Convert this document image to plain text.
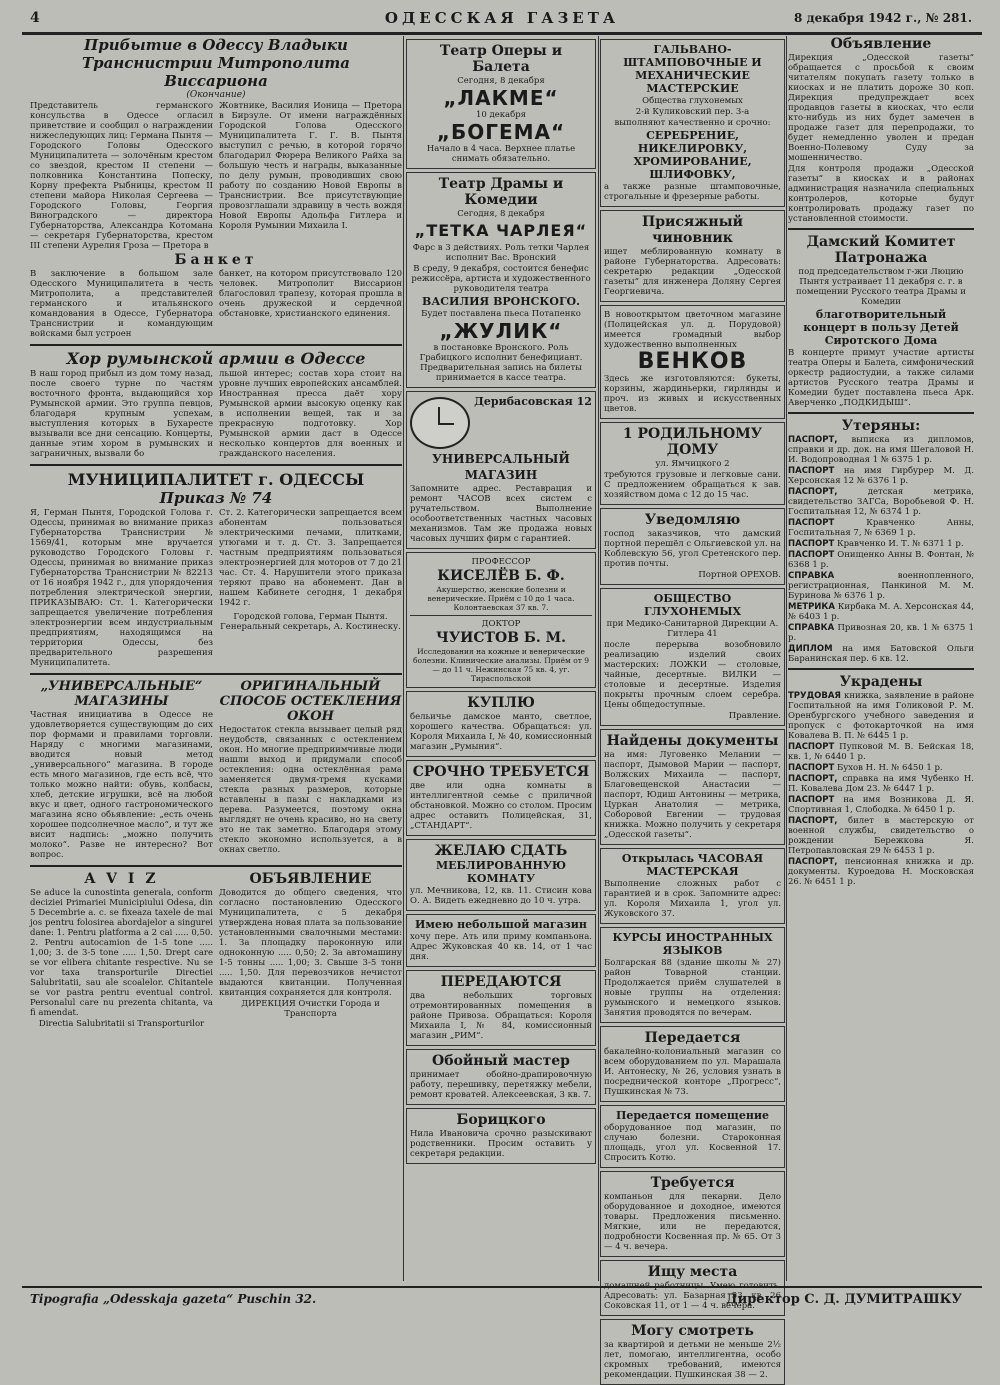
4	ОДЕССКАЯ ГАЗЕТА	8 декабря 1942 г., № 281.
Прибытие в Одессу Владыки Транснистрии Митрополита Виссариона
(Окончание)
Представитель германского консульства в Одессе огласил приветствие и сообщил о награждении нижеследующих лиц: Германа Пынтя — Городского Головы Одесского Муниципалитета — золочёным крестом со звездой, крестом II степени — полковника Константина Попеску, Корну префекта Рыбницы, крестом II степени майора Николая Сергеева — Городского Головы, Георгия Виноградского — директора Губернаторства, Александра Котомана — секретаря Губернаторства, крестом III степени Аурелия Гроза — Претора в
Жовтнике, Василия Ионица — Претора в Бирзуле. От имени награждённых Городской Голова Одесского Муниципалитета Г. Г. В. Пынтя выступил с речью, в которой горячо благодарил Фюрера Великого Райха за большую честь и награды, выказанные по делу румын, проводивших свою работу по созданию Новой Европы в Транснистрии. Все присутствующие провозглашали здравицу в честь вождя Новой Европы Адольфа Гитлера и Короля Румынии Михаила I.
Банкет
В заключение в большом зале Одесского Муниципалитета в честь Митрополита, а представителей германского и итальянского командования в Одессе, Губернатора Транснистрии и командующим войсками был устроен
банкет, на котором присутствовало 120 человек. Митрополит Виссарион благословил трапезу, которая прошла в очень дружеской и сердечной обстановке, христианского единения.
Хор румынской армии в Одессе
В наш город прибыл из дом тому назад, после своего турне по частям восточного фронта, выдающийся хор Румынской армии. Это группа певцов, благодаря крупным успехам, выступления которых в Бухаресте вызывали все дни сенсацию. Концерты, данные этим хором в румынских и заграничных, вызвали бо
льшой интерес; состав хора стоит на уровне лучших европейских ансамблей. Иностранная пресса даёт хору Румынской армии высокую оценку как в исполнении вещей, так и за прекрасную подготовку. Хор Румынской армии даст в Одессе несколько концертов для военных и гражданского населения.
МУНИЦИПАЛИТЕТ г. ОДЕССЫ
Приказ № 74
Я, Герман Пынтя, Городской Голова г. Одессы, принимая во внимание приказ Губернаторства Транснистрии № 1569/41, которым мне вручается руководство Городского Головы г. Одессы, принимая во внимание приказ Губернаторства Транснистрии № 82213 от 16 ноября 1942 г., для упорядочения потребления электрической энергии, ПРИКАЗЫВАЮ: Ст. 1. Категорически запрещается увеличение потребления электроэнергии всем индустриальным предприятиям, находящимся на территории Одессы, без предварительного разрешения Муниципалитета.
Ст. 2. Категорически запрещается всем абонентам пользоваться электрическими печами, плитками, утюгами и т. д. Ст. 3. Запрещается частным предприятиям пользоваться электроэнергией для моторов от 7 до 21 час. Ст. 4. Нарушители этого приказа теряют право на абонемент. Дан в нашем Кабинете сегодня, 1 декабря 1942 г.
Городской голова, Герман Пынтя. Генеральный секретарь, А. Костинеску.
„УНИВЕРСАЛЬНЫЕ“ МАГАЗИНЫ
Частная инициатива в Одессе не удовлетворяется существующим до сих пор формами и правилами торговли. Наряду с многими магазинами, вводится новый метод „универсального“ магазина. В городе есть много магазинов, где есть всё, что только можно найти: обувь, колбасы, хлеб, детские игрушки, всё на любой вкус и цвет, одного гастрономического магазина ясно обьявление: „есть очень хорошее подсолнечное масло“, и тут же висит надпись: „можно получить молоко“. Разве не интересно? Вот вопрос.
ОРИГИНАЛЬНЫЙ СПОСОБ ОСТЕКЛЕНИЯ ОКОН
Недостаток стекла вызывает целый ряд неудобств, связанных с остеклением окон. Но многие предприимчивые люди нашли выход и придумали способ остекления: одна остеклённая рама заменяется двумя-тремя кусками стекла разных размеров, которые вставлены в пазы с накладками из дерева. Разумеется, поэтому окна выглядят не очень красиво, но на свету это не так заметно. Благодаря этому стекло экономно используется, а в окнах светло.
A V I Z
Se aduce la cunostinta generala, conform deciziei Primariei Municipiului Odesa, din 5 Decembrie a. c. se fixeaza taxele de mai jos pentru folosirea abordajelor a singurei dane: 1. Pentru platforma a 2 cai ..... 0,50. 2. Pentru autocamion de 1-5 tone ..... 1,00; 3. de 3-5 tone ..... 1,50. Drept care se vor elibera chitante respective. Nu se vor taxa transporturile Directiei Salubritatii, sau ale scoalelor. Chitantele se vor pastra pentru eventual control. Personalul care nu prezenta chitanta, va fi amendat.
Directia Salubritatii si Transporturilor
ОБЪЯВЛЕНИЕ
Доводится до общего сведения, что согласно постановлению Одесского Муниципалитета, с 5 декабря утверждена новая плата за пользование установленными свалочными местами: 1. За площадку пароконную или одноконную ..... 0,50; 2. За автомашину 1-5 тонны ..... 1,00; 3. Свыше 3-5 тонн ..... 1,50. Для перевозчиков нечистот выдаются квитанции. Полученная квитанция сохраняется для контроля.
ДИРЕКЦИЯ Очистки Города и Транспорта
Театр Оперы и Балета
Сегодня, 8 декабря
„ЛАКМЕ“
10 декабря
„БОГЕМА“
Начало в 4 часа. Верхнее платье снимать обязательно.
Театр Драмы и Комедии
Сегодня, 8 декабря
„ТЕТКА ЧАРЛЕЯ“
Фарс в 3 действиях. Роль тетки Чарлея исполнит Вас. Вронский
В среду, 9 декабря, состоится бенефис режиссёра, артиста и художественного руководителя театра
ВАСИЛИЯ ВРОНСКОГО.
Будет поставлена пьеса Потапенко
„ЖУЛИК“
в постановке Вронского. Роль Грабицкого исполнит бенефициант. Предварительная запись на билеты принимается в кассе театра.
Дерибасовская 12
УНИВЕРСАЛЬНЫЙ МАГАЗИН
Запомните адрес. Реставрация и ремонт ЧАСОВ всех систем с ручательством. Выполнение особоответственных частных часовых механизмов. Там же продажа новых часовых лучших фирм с гарантией.
ПРОФЕССОР
КИСЕЛЁВ Б. Ф.
Акушерство, женские болезни и венерические. Приём с 10 до 1 часа. Колонтаевская 37 кв. 7.
ДОКТОР
ЧУИСТОВ Б. М.
Исследования на кожные и венерические болезни. Клинические анализы. Приём от 9 — до 11 ч. Нежинская 75 кв. 4, уг. Тираспольской
КУПЛЮ
бельичье дамское манто, светлое, хорошего качества. Обращаться: ул. Короля Михаила I, № 40, комиссионный магазин „Румыния“.
СРОЧНО ТРЕБУЕТСЯ
две или одна комнаты в интеллигентной семье с приличной обстановкой. Можно со столом. Просим адрес оставить Полицейская, 31, „СТАНДАРТ“.
ЖЕЛАЮ СДАТЬ
МЕБЛИРОВАННУЮ КОМНАТУ
ул. Мечникова, 12, кв. 11. Стисин кова О. А. Видеть ежедневно до 10 ч. утра.
Имею небольшой магазин
хочу пере. Ать или приму компаньона. Адрес Жуковская 40 кв. 14, от 1 час дня.
ПЕРЕДАЮТСЯ
два небольших торговых отремонтированных помещения в районе Привоза. Обращаться: Короля Михаила I, № 84, комиссионный магазин „РИМ“.
Обойный мастер
принимает обойно-драпировочную работу, перешивку, перетяжку мебели, ремонт кроватей. Алексеевская, 3 кв. 7.
Борицкого
Нила Ивановича срочно разыскивают родственники. Просим оставить у секретаря редакции.
ГАЛЬВАНО-ШТАМПОВОЧНЫЕ И МЕХАНИЧЕСКИЕ МАСТЕРСКИЕ
Общества глухонемых
2-й Куликовский пер. 3-а
выполняют качественно и срочно:
СЕРЕБРЕНИЕ, НИКЕЛИРОВКУ, ХРОМИРОВАНИЕ, ШЛИФОВКУ,
а также разные штамповочные, строгальные и фрезерные работы.
Присяжный чиновник
ищет меблированную комнату в районе Губернаторства. Адресовать: секретарю редакции „Одесской газеты“ для инженера Доляну Сергея Георгиевича.
В новооткрытом цветочном магазине (Полицейская ул. д. Порудовой) имеется громадный выбор художественно выполненных
ВЕНКОВ
Здесь же изготовляются: букеты, корзины, жардиньерки, гирлянды и проч. из живых и искусственных цветов.
1 РОДИЛЬНОМУ ДОМУ
ул. Ямчицкого 2
требуются грузовые и легковые сани. С предложением обращаться к зав. хозяйством дома с 12 до 15 час.
Уведомляю
господ заказчиков, что дамский портной перешёл с Ольгиевской ул. на Коблевскую 56, угол Сретенского пер. против почты.
Портной ОРЕХОВ.
ОБЩЕСТВО ГЛУХОНЕМЫХ
при Медико-Санитарной Дирекции А. Гитлера 41
после перерыва возобновило реализацию изделий своих мастерских: ЛОЖКИ — столовые, чайные, десертные. ВИЛКИ — столовые и десертные. Изделия покрыты прочным слоем серебра. Цены общедоступные.
Правление.
Найдены документы
на имя: Луговенко Мелании — паспорт, Дымовой Марии — паспорт, Волжских Михаила — паспорт, Благовещенской Анастасии — паспорт, Юдиш Антонины — метрика, Цуркан Анатолия — метрика, Соборовой Евгении — трудовая книжка. Можно получить у секретаря „Одесской газеты“.
Открылась ЧАСОВАЯ МАСТЕРСКАЯ
Выполнение сложных работ с гарантией и в срок. Запомните адрес: ул. Короля Михаила 1, угол ул. Жуковского 37.
КУРСЫ ИНОСТРАННЫХ ЯЗЫКОВ
Болгарская 88 (здание школы № 27) район Товарной станции. Продолжается приём слушателей в новые группы на отделения: румынского и немецкого языков. Занятия проводятся по вечерам.
Передается
бакалейно-колониальный магазин со всем оборудованием по ул. Марашала И. Антонеску, № 26, условия узнать в посреднической конторе „Прогресс“, Пушкинская № 73.
Передается помещение
оборудованное под магазин, по случаю болезни. Староконная площадь, угол ул. Косвенной 17. Спросить Котю.
Требуется
компаньон для пекарни. Дело оборудованное и доходное, имеются товары. Предложения письменно. Мягкие, или не передаются, подробности Косвенная пр. № 65. От 3 — 4 ч. вечера.
Ищу места
домашней работницы. Умею готовить. Адресовать: ул. Базарная 53, кв. 26 Соковская 11, от 1 — 4 ч. вечера.
Могу смотреть
за квартирой и детьми не меньше 2½ лет, помогаю, интеллигентна, особо скромных требований, имеются рекомендации. Пушкинская 38 — 2.
Объявление
Дирекция „Одесской газеты“ обращается с просьбой к своим читателям покупать газету только в киосках и не платить дороже 30 коп. Дирекция предупреждает всех продавцов газеты в киосках, что если кто-нибудь из них будет замечен в продаже газет для перепродажи, то будет немедленно уволен и предан Военно-Полевому Суду за мошенничество.
Для контроля продажи „Одесской газеты“ в киосках и в районах администрация назначила специальных контролеров, которые будут контролировать продажу газет по установленной стоимости.
Дамский Комитет Патронажа
под председательством г-жи Люцию Пынтя устраивает 11 декабря с. г. в помещении Русского театра Драмы и Комедии
благотворительный концерт в пользу Детей Сиротского Дома
В концерте примут участие артисты театра Оперы и Балета, симфонический оркестр радиостудии, а также силами артистов Русского театра Драмы и Комедии будет поставлена пьеса Арк. Аверченко „ПОДКИДЫШ“.
Утеряны:
ПАСПОРТ, выписка из дипломов, справки и др. док. на имя Шегаловой Н. И. Водопроводная 1 № 6375 1 р.
ПАСПОРТ на имя Гирбурер М. Д. Херсонская 12 № 6376 1 р.
ПАСПОРТ,	детская метрика, свидетельство ЗАГСа, Воробьевой Ф. Н. Госпитальная 12, № 6374 1 р.
ПАСПОРТ	Кравченко Анны, Госпитальная 7, № 6369 1 р.
ПАСПОРТ Кравченко И. Т. № 6371 1 р.
ПАСПОРТ Онищенко Анны В. Фонтан, № 6368 1 р.
СПРАВКА	военнопленного, регистрационная, Панкиной М. М. Буринова № 6376 1 р.
МЕТРИКА Кирбака М. А. Херсонская 44, № 6403 1 р.
СПРАВКА Привозная 20, кв. 1 № 6375 1 р.
ДИПЛОМ на имя Батовской Ольги Баранинская пер. 6 кв. 12.
Украдены
ТРУДОВАЯ книжка, заявление в районе Госпитальной на имя Голиковой Р. М. Оренбургского учебного заведения и пропуск с фотокарточкой на имя Ковалева В. П. № 6445 1 р.
ПАСПОРТ Пупковой М. В. Бейская 18, кв. 1, № 6440 1 р.
ПАСПОРТ Бухов Н. Н. № 6450 1 р.
ПАСПОРТ, справка на имя Чубенко Н. П. Ковалева Дом 23. № 6447 1 р.
ПАСПОРТ на имя Возникова Д. Я. Спортивная 1, Слободка. № 6450 1 р.
ПАСПОРТ, билет в мастерскую от военной службы, свидетельство о рождении Бережкова Я. Петропавловская 29 № 6453 1 р.
ПАСПОРТ, пенсионная книжка и др. документы. Куроедова Н. Московская 26. № 6451 1 р.
Tipografia „Odesskaja gazeta“ Puschin 32.	Директор С. Д. ДУМИТРАШКУ
